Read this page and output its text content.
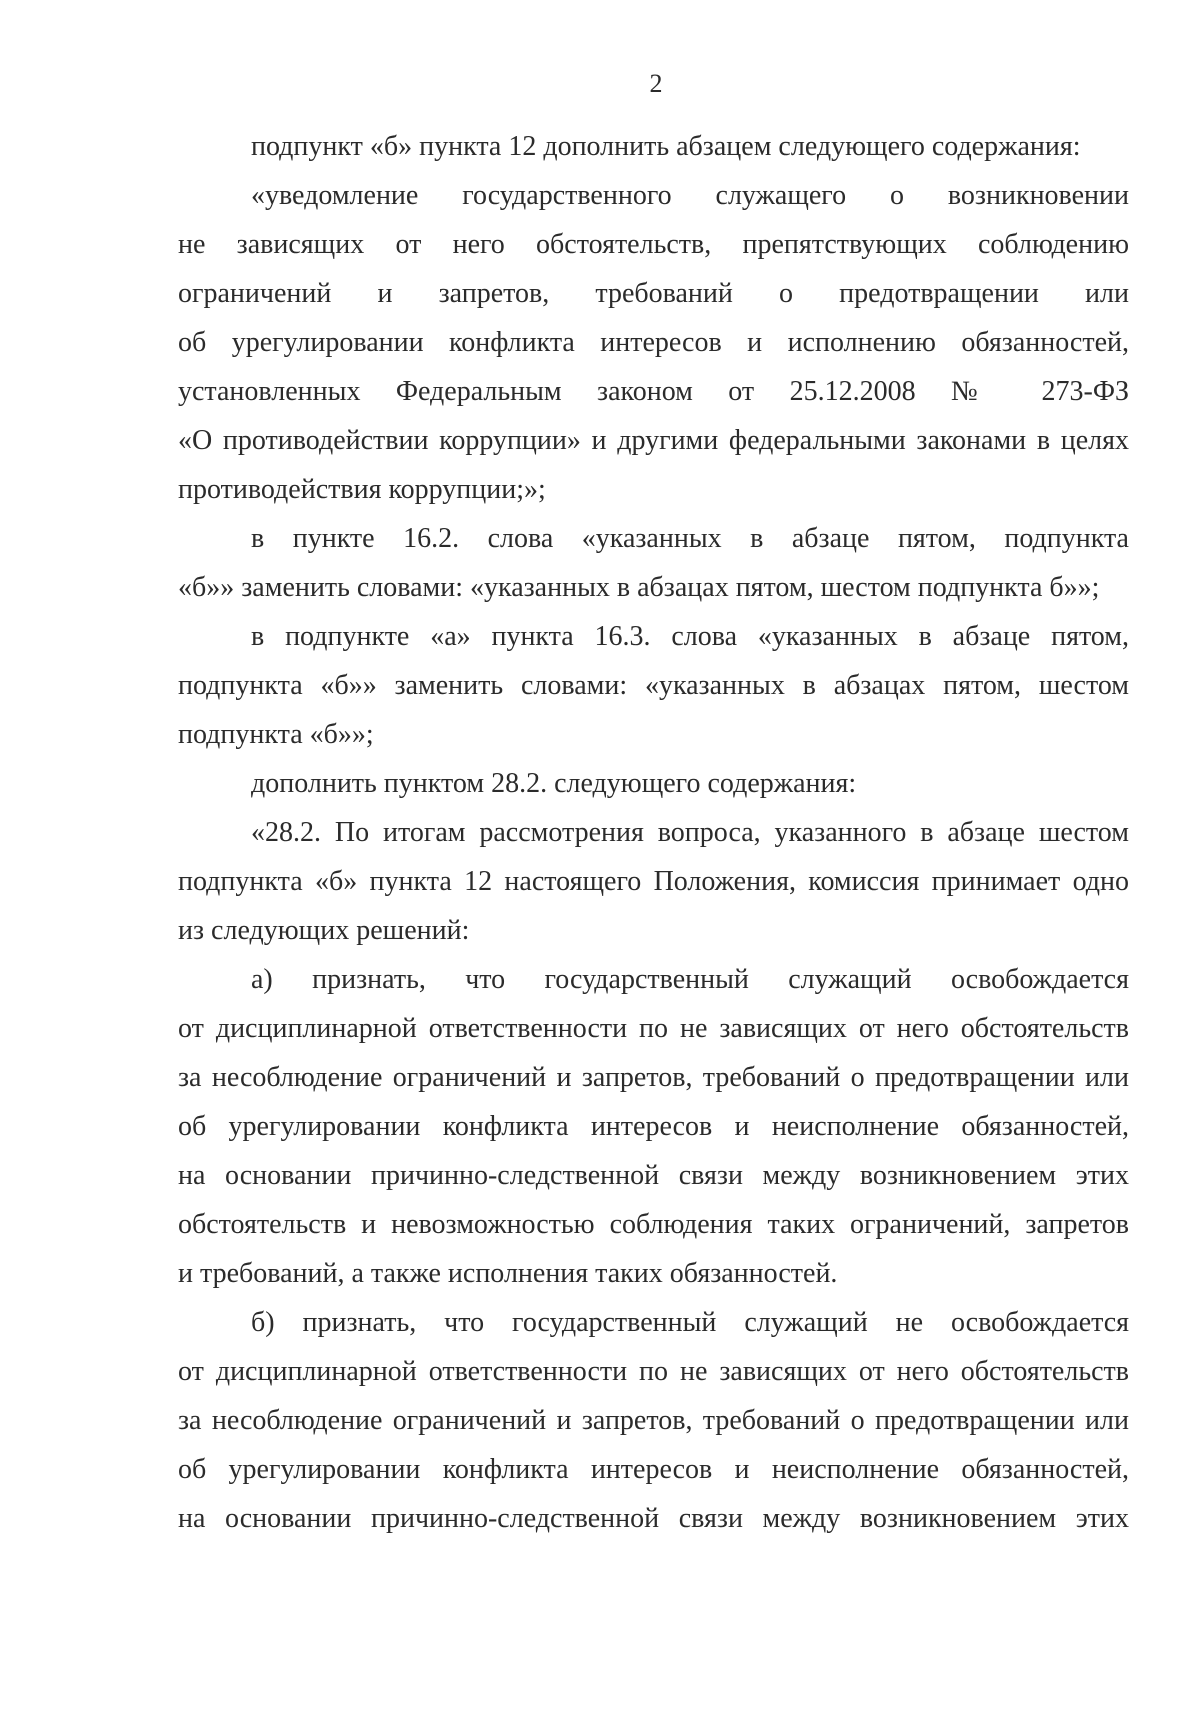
2
подпункт «б» пункта 12 дополнить абзацем следующего содержания:
«уведомление государственного служащего о возникновении
не зависящих от него обстоятельств, препятствующих соблюдению
ограничений и запретов, требований о предотвращении или
об урегулировании конфликта интересов и исполнению обязанностей,
установленных Федеральным законом от 25.12.2008 № 273-ФЗ
«О противодействии коррупции» и другими федеральными законами в целях
противодействия коррупции;»;
в пункте 16.2. слова «указанных в абзаце пятом, подпункта
«б»» заменить словами: «указанных в абзацах пятом, шестом подпункта б»»;
в подпункте «а» пункта 16.3. слова «указанных в абзаце пятом,
подпункта «б»» заменить словами: «указанных в абзацах пятом, шестом
подпункта «б»»;
дополнить пунктом 28.2. следующего содержания:
«28.2. По итогам рассмотрения вопроса, указанного в абзаце шестом
подпункта «б» пункта 12 настоящего Положения, комиссия принимает одно
из следующих решений:
а) признать, что государственный служащий освобождается
от дисциплинарной ответственности по не зависящих от него обстоятельств
за несоблюдение ограничений и запретов, требований о предотвращении или
об урегулировании конфликта интересов и неисполнение обязанностей,
на основании причинно-следственной связи между возникновением этих
обстоятельств и невозможностью соблюдения таких ограничений, запретов
и требований, а также исполнения таких обязанностей.
б) признать, что государственный служащий не освобождается
от дисциплинарной ответственности по не зависящих от него обстоятельств
за несоблюдение ограничений и запретов, требований о предотвращении или
об урегулировании конфликта интересов и неисполнение обязанностей,
на основании причинно-следственной связи между возникновением этих
